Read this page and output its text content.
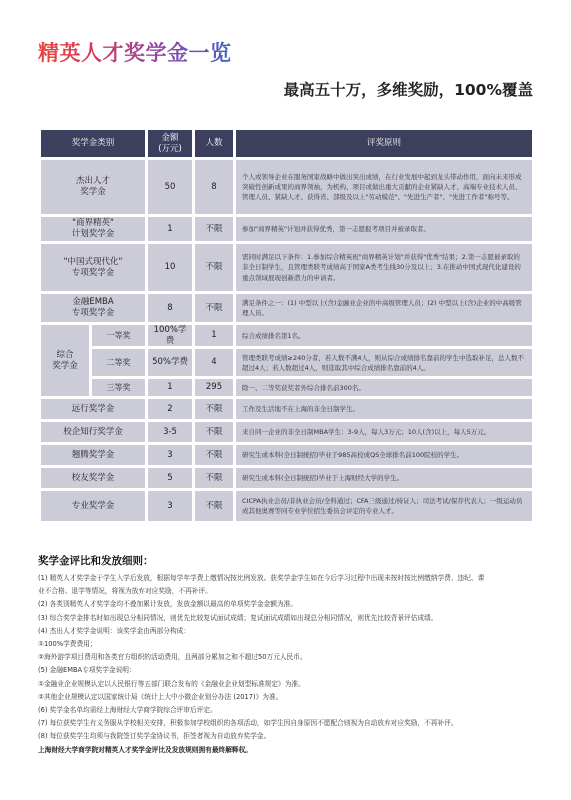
精英人才奖学金一览
最高五十万，多维奖励，100%覆盖
奖学金类别		金额
(万元)	人数	评奖原则
杰出人才
奖学金		50	8	个人或领导企业在服务国家战略中做出突出成绩，在行业发展中起到龙头带动作用，面向未来形成突破性创新成果的商界领袖，为机构、项目或做出重大贡献的企业紧缺人才、高端专业技术人员、管理人员、紧缺人才、获得省、部级及以上"劳动模范"、"先进生产者"、"先进工作者"称号等。
"商界精英"
计划奖学金		1	不限	参加"商界精英"计划并获得优秀，第一志愿报考项目并被录取者。
"中国式现代化"
专项奖学金		10	不限	需同时满足以下条件：1.参加综合精英班"商界精英计划"并获得"优秀"结果；2.第一志愿被录取的非全日制学生，且管理类联考成绩高于国家A类考生线30分及以上；3.在推动中国式现代化建设的重点领域展现创新潜力的申请者。
金融EMBA
专项奖学金		8	不限	满足条件之一：(1) 中型以上(含)金融业企业的中高级管理人员；(2) 中型以上(含)企业的中高级管理人员。
综合
奖学金	一等奖	100%学费	1	综合成绩排名第1名。
	二等奖	50%学费	4	管理类联考成绩≥240分者，若人数不满4人，则从综合成绩排名靠前的学生中选取补足，总人数不超过4人；若人数超过4人，则选取其中综合成绩排名靠前的4人。
	三等奖	1	295	除一、二等奖获奖者外综合排名前300名。
远行奖学金		2	不限	工作及生活地不在上海的非全日制学生。
校企知行奖学金		3-5	不限	来自同一企业的非全日制MBA学生：3-9人，每人3万元；10人(含)以上，每人5万元。
翘腾奖学金		3	不限	研究生或本科(全日制统招)毕业于985高校或QS全球排名前100院校的学生。
校友奖学金		5	不限	研究生或本科(全日制统招)毕业于上海财经大学的学生。
专业奖学金		3	不限	CICPA执业会员/非执业会员/全科通过；CFA三级通过/持证人；司法考试/保荐代表人；一级运动员或其他奥赛等同专业学位招生委员会评定的专业人才。
奖学金评比和发放细则：
(1) 精英人才奖学金于学生入学后发放，根据每学年学费上缴情况按比例发放。获奖学金学生如在今后学习过程中出现未按时按比例缴纳学费、违纪、课
业不合格、退学等情况，将视为放弃对应奖励，不再补评。
(2) 各类别精英人才奖学金均不叠加累计发放，发放金额以最高的单项奖学金金额为准。
(3) 综合奖学金排名时如出现总分相同情况，则优先比较复试面试成绩；复试面试成绩如出现总分相同情况，则优先比较背景评估成绩。
(4) 杰出人才奖学金说明：该奖学金由两部分构成：
①100%学费费用；
②海外游学项目费用和各类官方组织的活动费用，且两部分累加之和不超过50万元人民币。
(5) 金融EMBA专项奖学金说明：
①金融业企业规模认定以人民银行等五部门联合发布的《金融业企业划型标准规定》为准。
②其他企业规模认定以国家统计局《统计上大中小微企业划分办法 (2017)》为准。
(6) 奖学金名单均需经上海财经大学商学院综合评审后评定。
(7) 每位获奖学生有义务服从学校相关安排，积极参加学校组织的各项活动，如学生因自身原因不愿配合则视为自动放弃对应奖励，不再补评。
(8) 每位获奖学生均须与我院签订奖学金协议书，拒签者视为自动放弃奖学金。
上海财经大学商学院对精英人才奖学金评比及发放规则拥有最终解释权。
